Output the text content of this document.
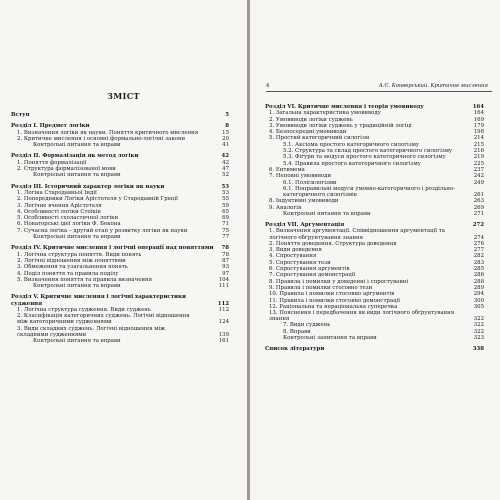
ЗМІСТ
Вступ	5
Розділ І. Предмет логіки	8
1. Визначення логіки як науки. Поняття критичного мислення	15
2. Критичне мислення і основні формально-логічні закони	20
Контрольні питання та вправи	41
Розділ ІІ. Формалізація як метод логіки	42
1. Поняття формалізації	42
2. Структура формалізованої мови	47
Контрольні питання та вправи	52
Розділ ІІІ. Історичний характер логіки як науки	53
1. Логіка Стародавньої Індії	53
2. Попередники Логіки Арістотеля у Стародавній Греції	55
3. Логічне вчення Арістотеля	59
4. Особливості логіки Стоїків	65
5. Особливості схоластичної логіки	69
6. Новаторські ідеї логіки Ф. Бекона	71
7. Сучасна логіка – другий етап у розвитку логіки як науки	75
Контрольні питання та вправи	77
Розділ IV. Критичне мислення і логічні операції над поняттями 78
1. Логічна структура поняття. Види понять	78
2. Логічні відношення між поняттями	87
3. Обмеження та узагальнення понять	93
4. Поділ поняття та правила поділу	97
5. Визначення поняття та правила визначення	104
Контрольні питання та вправи	111
Розділ V. Критичне мислення і логічні характеристики судження	112
1. Логічна структура судження. Види суджень	112
2. Класифікація категоричних суджень. Логічні відношення між категоричними судженнями	124
3. Види складних суджень. Логічні відношення між складними судженнями	139
Контрольні питання та вправи	161
4	А.Є. Конверський. Критичне мислення
Розділ VI. Критичне мислення і теорія умовиводу	164
1. Загальна характеристика умовиводу	164
2. Умовиводи логіки суджень	169
3. Умовиводи логіки суджень у традиційній логіці	179
4. Безпосередні умовиводи	198
5. Простий категоричний силогізм	214
5.1. Аксіома простого категоричного силогізму	215
5.2. Структура та склад простого категоричного силогізму	216
5.3. Фігури та модуси простого категоричного силогізму	219
5.4. Правила простого категоричного силогізму	225
6. Ентимема	237
7. Неповні умовиводи	242
6.1. Полісилогізми	249
6.1. Неправильні модуси умовно-категоричного і роздільно-категоричного силогізмів	261
8. Індуктивні умовиводи	263
9. Аналогія	269
Контрольні питання та вправи	271
Розділ VII. Аргументація	272
1. Визначення аргументації. Співвідношення аргументації та логічного обґрунтування знання	274
2. Поняття доведення. Структура доведення	276
3. Види доведення	277
4. Спростування	282
5. Спростування тези	283
6. Спростування аргументів	285
7. Спростування демонстрації	286
8. Правила і помилки у доведенні і спростуванні	288
9. Правила і помилки стосовно тези	289
10. Правила і помилки стосовно аргументів	294
11. Правила і помилки стосовно демонстрації	300
12. Раціональна та нераціональна суперечка	305
13. Пояснення і передбачення як види логічного обґрунтування знання	322
7. Види суджень	322
8. Вправи	322
Контрольні запитання та вправи	323
Список літератури	338
